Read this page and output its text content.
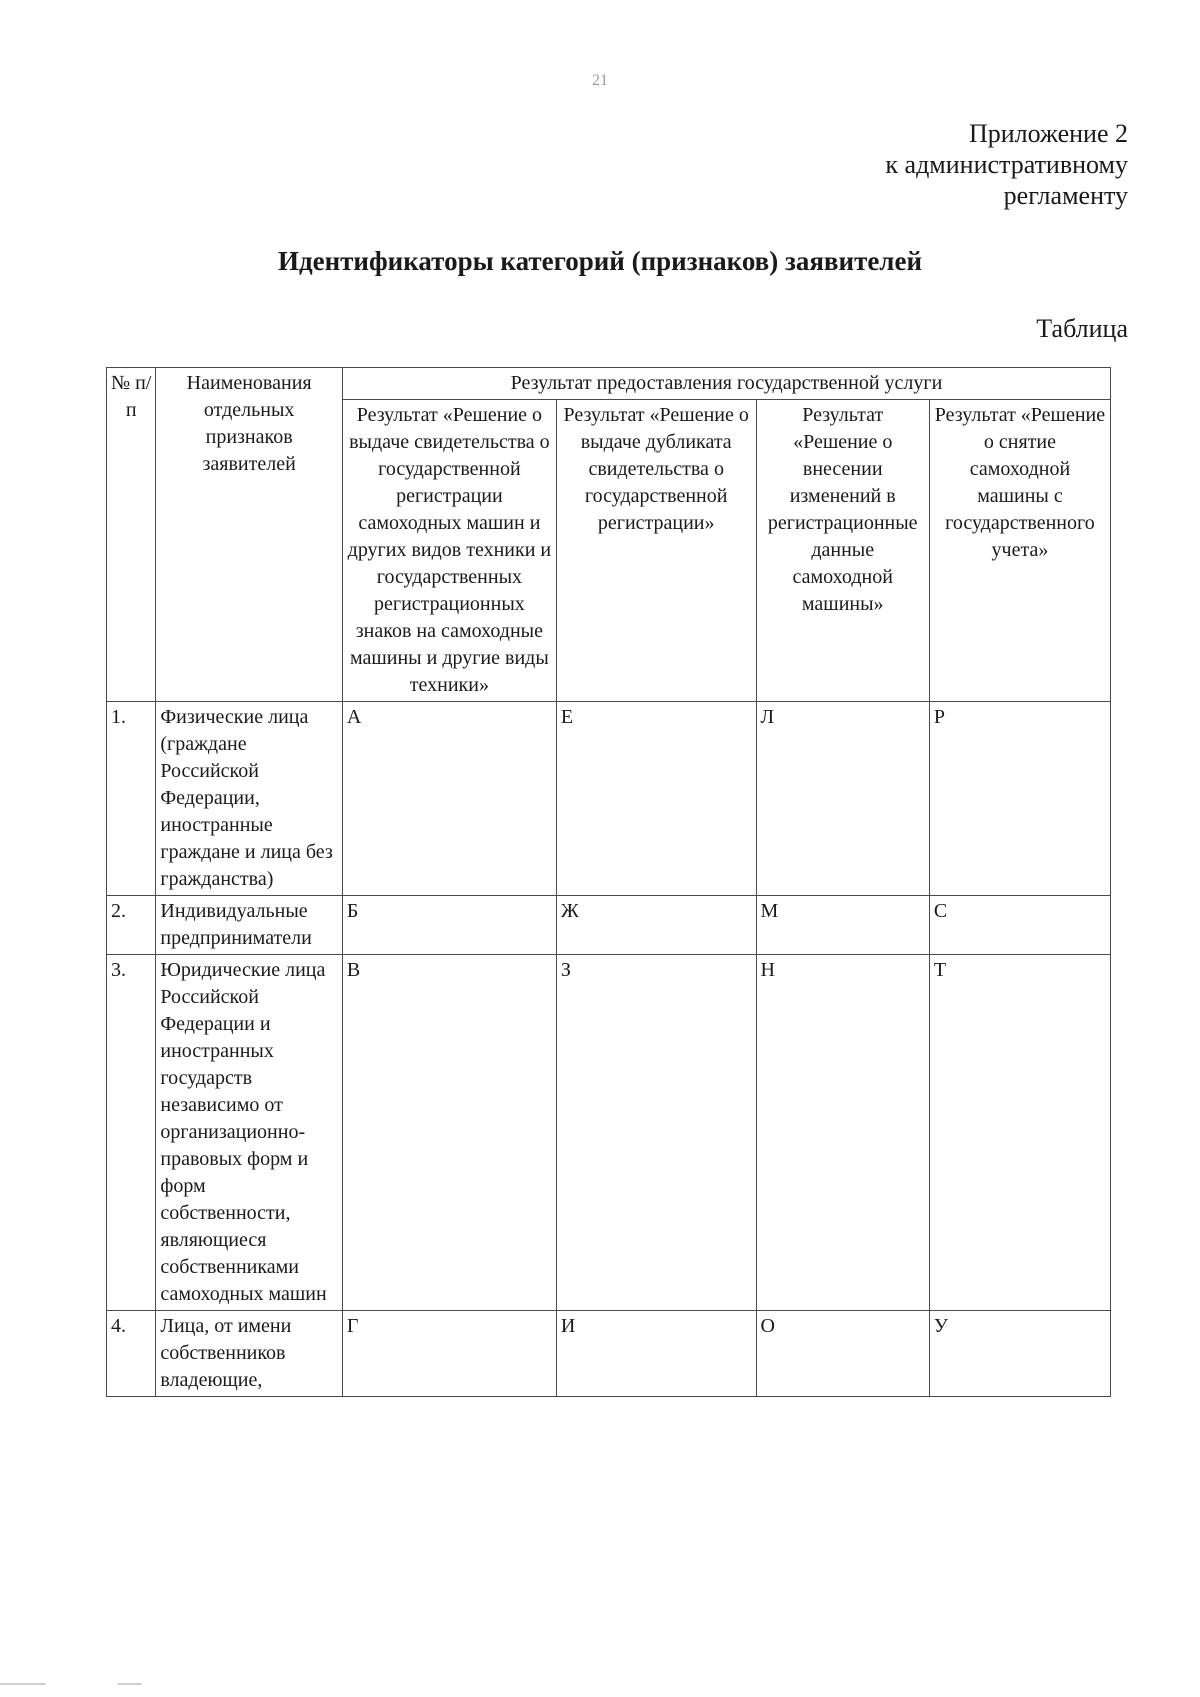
21
Приложение 2
к административному
регламенту
Идентификаторы категорий (признаков) заявителей
Таблица
№ п/п	Наименования отдельных признаков заявителей	Результат предоставления государственной услуги			
		Результат «Решение о выдаче свидетельства о государственной регистрации самоходных машин и других видов техники и государственных регистрационных знаков на самоходные машины и другие виды техники»	Результат «Решение о выдаче дубликата свидетельства о государственной регистрации»	Результат «Решение о внесении изменений в регистрационные данные самоходной машины»	Результат «Решение о снятие самоходной машины с государственного учета»
1.	Физические лица (граждане Российской Федерации, иностранные граждане и лица без гражданства)	А	Е	Л	Р
2.	Индивидуальные предприниматели	Б	Ж	М	С
3.	Юридические лица Российской Федерации и иностранных государств независимо от организационно-правовых форм и форм собственности, являющиеся собственниками самоходных машин	В	З	Н	Т
4.	Лица, от имени собственников владеющие,	Г	И	О	У
